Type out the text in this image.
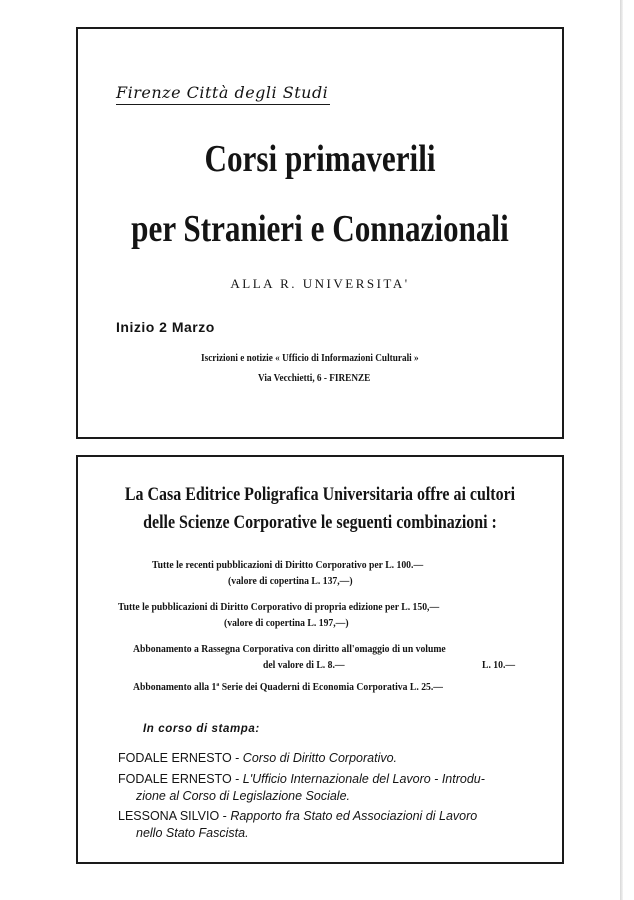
Firenze Città degli Studi
Corsi primaverili
per Stranieri e Connazionali
ALLA R. UNIVERSITA'
Inizio 2 Marzo
Iscrizioni e notizie « Ufficio di Informazioni Culturali »
Via Vecchietti, 6 - FIRENZE
La Casa Editrice Poligrafica Universitaria offre ai cultori
delle Scienze Corporative le seguenti combinazioni :
Tutte le recenti pubblicazioni di Diritto Corporativo per L. 100.—
(valore di copertina L. 137,—)
Tutte le pubblicazioni di Diritto Corporativo di propria edizione per L. 150,—
(valore di copertina L. 197,—)
Abbonamento a Rassegna Corporativa con diritto all'omaggio di un volume
del valore di L. 8.—	L. 10.—
Abbonamento alla 1ª Serie dei Quaderni di Economia Corporativa L. 25.—
In corso di stampa:
FODALE ERNESTO - Corso di Diritto Corporativo.
FODALE ERNESTO - L'Ufficio Internazionale del Lavoro - Introdu-
zione al Corso di Legislazione Sociale.
LESSONA SILVIO - Rapporto fra Stato ed Associazioni di Lavoro
nello Stato Fascista.
